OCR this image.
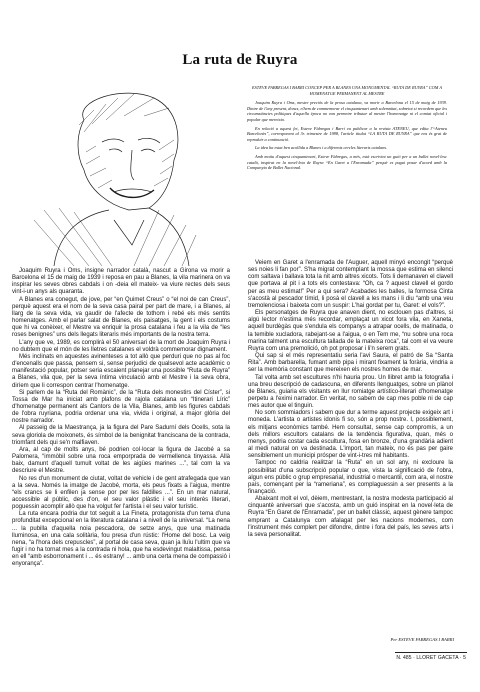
La ruta de Ruyra
ESTEVE FABREGAS I BARRI CONCEP PER A BLANES UNA MONUMENTAL “RUTA DE RUYRA” COM A HOMENATGE PERMANENT AL MESTRE

Joaquim Ruyra i Oms, mestre preciós de la prosa catalana, va morir a Barcelona el 15 de maig de 1939. Dintre de l'any present, doncs, n'hem de commemorar el cinquantenari amb solemnitat, sobretot si recordem que les circumstàncies polítiques d'aquella època no van permetre tributar al mestre l'homenatge ni el comiat oficial i popular que mereixia.

En relació a aquest fet, Esteve Fàbregas i Barri va publicar a la revista ATENEU, que edita l'“Ateneu Barcelonès”, corresponent al 3r. trimestre de 1988, l'article titulat “LA RUTA DE RUYRA” que ens és grat de reproduir a continuació.

La idea ha estat ben acollida a Blanes i a diferents cercles literaris catalans.

Amb motiu d'aquest cinquantenari, Esteve Fàbregas, a més, està escrivint un guió per a un ballet novel·lesc català, inspirat en la novel·leta de Ruyra “En Garet a l'Enramada” perquè es pugui posar d'acord amb la Companyia de Ballet Nacional.

Joaquim Ruyra i Oms, insigne narrador català, nascut a Girona va morir a Barcelona el 15 de maig de 1939 i reposa en pau a Blanes, la vila marinera on va inspirar les seves obres cabdals i on -deia ell mateix- va viure rectes dels seus vint-i-un anys als quaranta.

A Blanes era conegut, de jove, per “en Quimet Creus” o “el noi de can Creus”, perquè aquest era el nom de la seva casa pairal per part de mare, i a Blanes, al llarg de la seva vida, va gaudir de l'afecte de tothom i rebé els més sentits homenatges. Amb el parlar salat de Blanes, els paisatges, la gent i els costums que hi va conèixer, el Mestre va enriquir la prosa catalana i feu a la vila de “les roses benignes” uns dels llegats literaris més importants de la nostra terra.

L'any que ve, 1989, es complirà el 50 aniversari de la mort de Joaquim Ruyra i no dubtem que el món de les lletres catalanes el voldrà commemorar dignament.

Més inclinats en aquestes avinenteses a tot allò que perduri que no pas al foc d'encenalls que passa, pensem si, sense perjudici de qualsevol acte acadèmic o manifestació popular, potser seria escaient planejar una possible “Ruta de Ruyra” a Blanes, vila que, per la seva íntima vinculació amb el Mestre i la seva obra, diríem que li correspon centrar l'homenatge.

Si parlem de la “Ruta del Romànic”, de la “Ruta dels monestirs del Císter”, si Tossa de Mar ha iniciat amb plafons de rajola catalana un “Itinerari Líric” d'homenatge permanent als Cantors de la Vila, Blanes, amb les figures cabdals de l'obra ruyriana, podria ordenar una via, vivida i original, a major glòria del nostre narrador.

Al passeig de la Maestrança, ja la figura del Pare Sadurní dels Ocells, sota la seva gloriola de moixonets, és símbol de la benignitat franciscana de la contrada, triomfant dels qui se'n malfiaven.

Ara, al cap de molts anys, bé podrien col·locar la figura de Jacobé a sa Palomera, “immòbil sobre una roca emporprada de vermellenca tinyassa. Allà baix, damunt d'aquell tumult voltat de les aigües marines ...”, tal com la va descriure el Mestre.

No res d'un monument de ciutat, voltat de vehicle i de gent atrafegada que van a la seva. Només la imatge de Jacobé, morta, els peus fixats a l'aigua, mentre “els crancs se li enfilen ja sense por per les faldilles ...”. En un mar natural, accessible al públic, des d'on, el seu valor plàstic i el seu interès literari, poguessin acomplir allò que ha volgut fer l'artista i el seu valor turístic.

La ruta encara podria dur tot seguit a La Fineta, protagonista d'un tema d'una profunditat excepcional en la literatura catalana i a nivell de la universal. “La nena ... la pubilla d'aquella noia pescadora, de setze anys, que una matinada lluminosa, en una cala solitària, fou presa d'un rústic: l'Home del bosc. La veig nena, “a l'hora dels crepuscles”, al portal de casa seva, quan ja lluïu l'ultim que va fugir i no ha tornat mes a la contrada ni hola, que ha esdevingut malaltissa, pensa en ell “amb esborronament i ... és estrany! ... amb una certa mena de compassió i enyorança”.

Veiem en Garet a l'enramada de l'Auguer, aquell minyó encongit “perquè ses noies li fan por”. S'ha migrat contemplant la mossa que estima en silenci com saltava i ballava tota la nit amb altres xicots. Tots li demanaven el clavell que portava al pit i a tots els contestava: “Oh, ca ? aquest clavell el gordo per as meu estimat!” Per a qui sera? Acabades les balles, la formosa Cinta s'acostà al pescador tímid, li posà el clavell a les mans i li diu “amb una veu tremolenciosa i baixeta com un suspir: L'hai gordat per tu, Garet: el vols?”.

Els personatges de Ruyra que anaven dient, no esclouen pas d'altres, si algú lector n'estima més recordar, emplaçat un xicot fora vila, en Xaneta, aquell burdègàs que s'endula els companys a atrapar ocells, de matinada, o la temible xucladora, rabejant-se a l'aigua, o en Tem me, “nu sobre una roca marina talment una escultura tallada de la mateixa roca”, tal com el va veure Ruyra com una premolició, oh pot proposar i li'n serem grats.

Qui sap si el més representatiu seria l'avi Saura, el patró de Sa “Santa Rita”. Amb barbarella, fumant amb pipa i mirant fixament la forària, vindria a ser la memòria constant que mereixen els nostres homes de mar.

Tal volta amb set escultures n'hi hauria prou. Un llibret amb la fotografia i una breu descripció de cadascuna, en diferents llenguatges, sobre un plànol de Blanes, guiaria els visitants en llur romiatge artístico-literari d'homenatge perpetu a l'eximi narrador. En veritat, no sabem de cap mes poble ni de cap mes autor que el tinguin.

No som sommiadors i sabem que dur a terme aquest projecte exigeix art i moneda. L'artista o artistes idonis fi so, són a prop nostre. I, possiblement, els mitjans econòmics també. Hem consultat, sense cap compromís, a un dels millors escultors catalans de la tendència figurativa, quan, més o menys, podria costar cada escultura, fosa en bronze, d'una grandària adient al medi natural on va destinada. L'import, tan mateix, no és pas per gaire sensiblement un municipi prósper de vint-i-tres mil habitants.

Tampoc no caldria realitzar la “Ruta” en un sol any, ni excloure la possibilitat d'una subscripció popular o que, vista la significació de l'obra, algun ens públic o grup empresarial, industrial o mercantil, com ara, el nostre país, començant per la “rameriana”, es complaguessin a ser presents a la finançació.

Abaixant molt el vol, dèiem, mentrestant, la nostra modesta participació al cinquantè aniversari que s'acosta, amb un guió inspirat en la novel·leta de Ruyra “En Garet de l'Enramada”, per un ballet clàssic, aquest gènere tampoc emprant a Catalunya com afalagat per les nacions modernes, com l'instrument més complert per difondre, dintre i fora del país, les seves arts i la seva personalitat.

Per ESTEVE FABREGAS I BARRI
N. 485 · LLORET GACETA · 5
